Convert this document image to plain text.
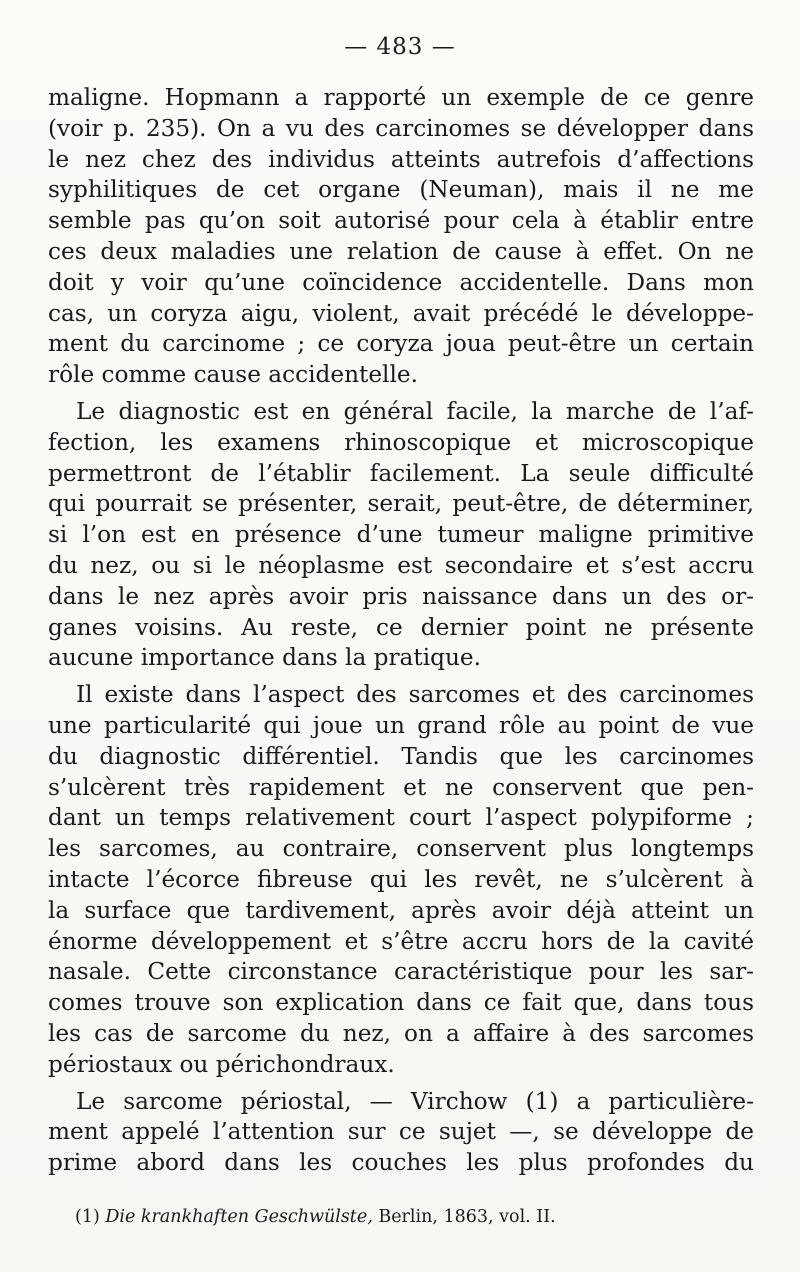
— 483 —
maligne. Hopmann a rapporté un exemple de ce genre
(voir p. 235). On a vu des carcinomes se développer dans
le nez chez des individus atteints autrefois d’affections
syphilitiques de cet organe (Neuman), mais il ne me
semble pas qu’on soit autorisé pour cela à établir entre
ces deux maladies une relation de cause à effet. On ne
doit y voir qu’une coïncidence accidentelle. Dans mon
cas, un coryza aigu, violent, avait précédé le développe-
ment du carcinome ; ce coryza joua peut-être un certain
rôle comme cause accidentelle.
Le diagnostic est en général facile, la marche de l’af-
fection, les examens rhinoscopique et microscopique
permettront de l’établir facilement. La seule difficulté
qui pourrait se présenter, serait, peut-être, de déterminer,
si l’on est en présence d’une tumeur maligne primitive
du nez, ou si le néoplasme est secondaire et s’est accru
dans le nez après avoir pris naissance dans un des or-
ganes voisins. Au reste, ce dernier point ne présente
aucune importance dans la pratique.
Il existe dans l’aspect des sarcomes et des carcinomes
une particularité qui joue un grand rôle au point de vue
du diagnostic différentiel. Tandis que les carcinomes
s’ulcèrent très rapidement et ne conservent que pen-
dant un temps relativement court l’aspect polypiforme ;
les sarcomes, au contraire, conservent plus longtemps
intacte l’écorce fibreuse qui les revêt, ne s’ulcèrent à
la surface que tardivement, après avoir déjà atteint un
énorme développement et s’être accru hors de la cavité
nasale. Cette circonstance caractéristique pour les sar-
comes trouve son explication dans ce fait que, dans tous
les cas de sarcome du nez, on a affaire à des sarcomes
périostaux ou périchondraux.
Le sarcome périostal, — Virchow (1) a particulière-
ment appelé l’attention sur ce sujet —, se développe de
prime abord dans les couches les plus profondes du
(1) Die krankhaften Geschwülste, Berlin, 1863, vol. II.
